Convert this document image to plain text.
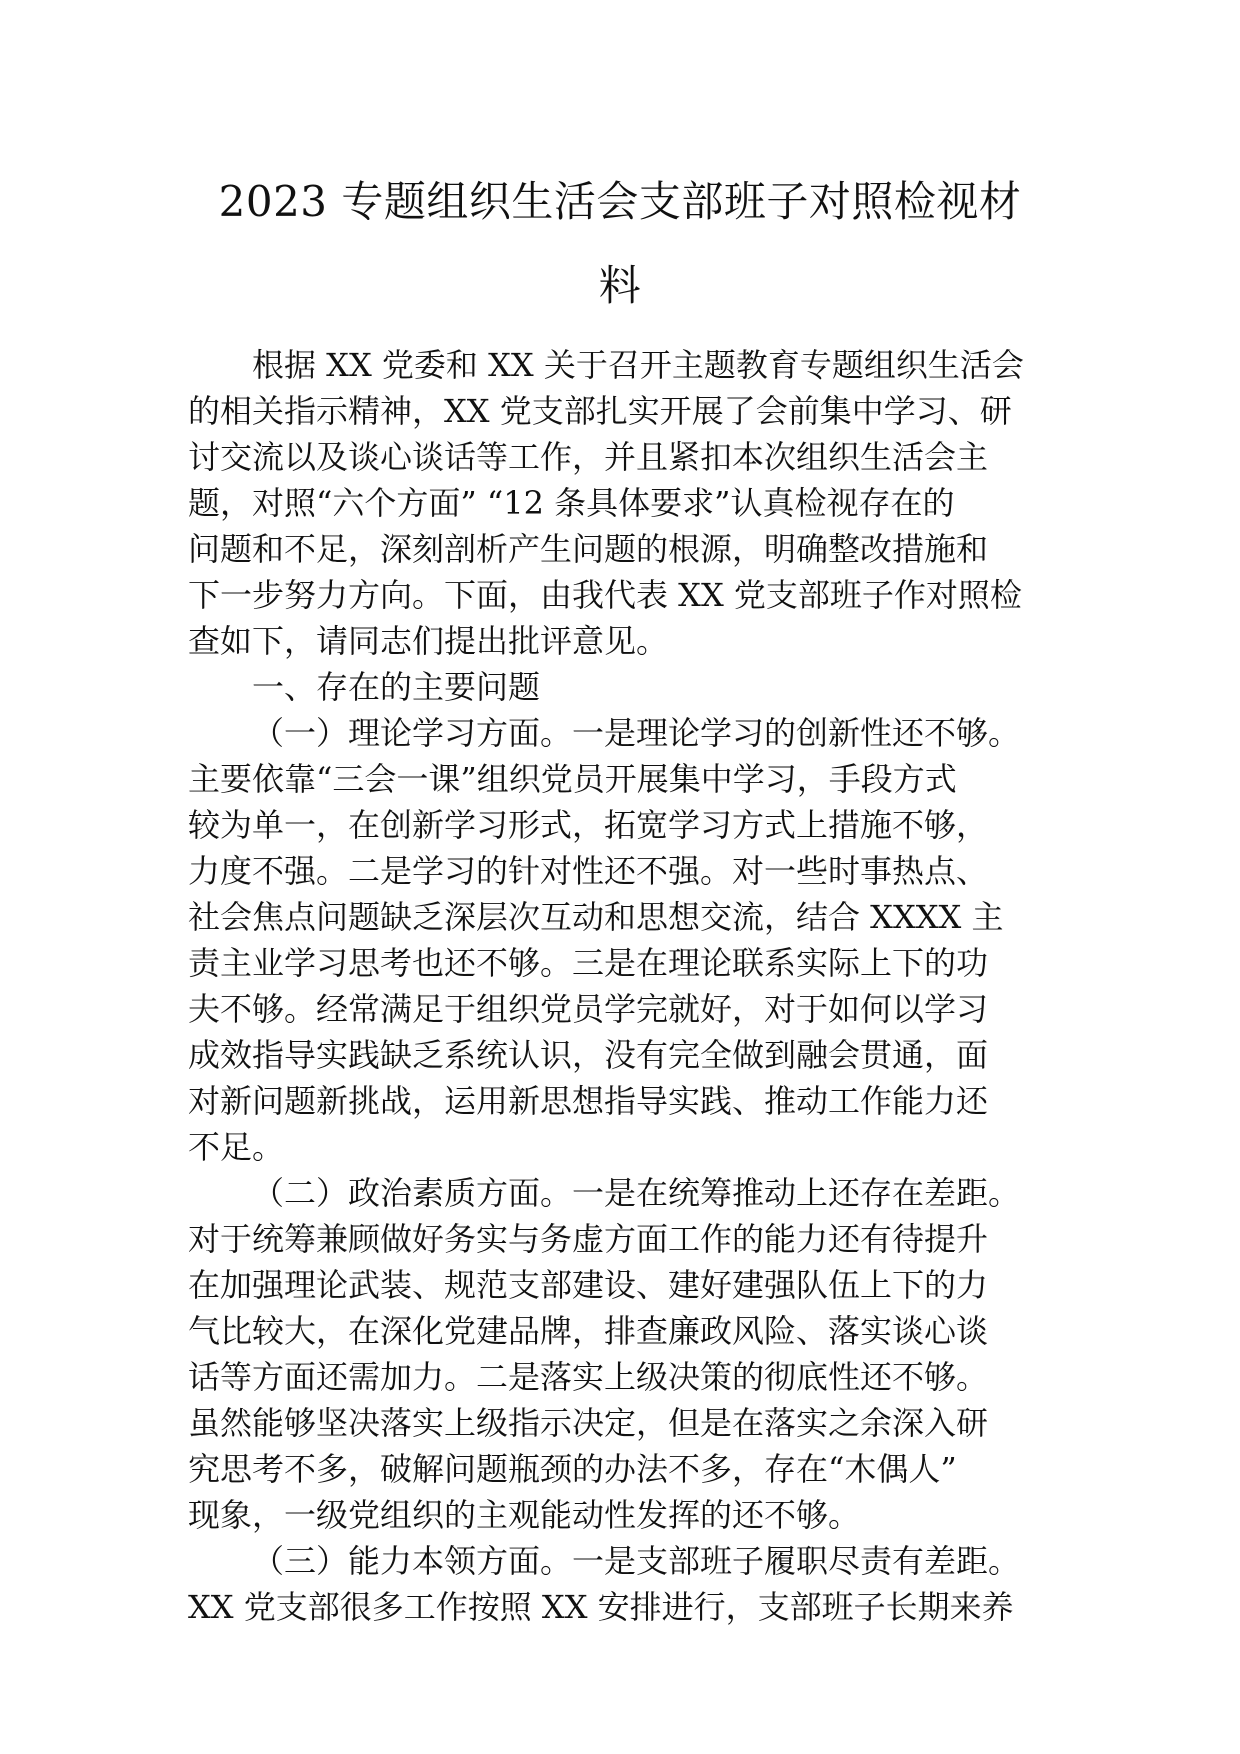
2023 专题组织生活会支部班子对照检视材
料
根据 XX 党委和 XX 关于召开主题教育专题组织生活会
的相关指示精神，XX 党支部扎实开展了会前集中学习、研
讨交流以及谈心谈话等工作，并且紧扣本次组织生活会主
题，对照“六个方面” “12 条具体要求”认真检视存在的
问题和不足，深刻剖析产生问题的根源，明确整改措施和
下一步努力方向。下面，由我代表 XX 党支部班子作对照检
查如下，请同志们提出批评意见。
一、存在的主要问题
（一）理论学习方面。一是理论学习的创新性还不够。
主要依靠“三会一课”组织党员开展集中学习，手段方式
较为单一，在创新学习形式，拓宽学习方式上措施不够，
力度不强。二是学习的针对性还不强。对一些时事热点、
社会焦点问题缺乏深层次互动和思想交流，结合 XXXX 主
责主业学习思考也还不够。三是在理论联系实际上下的功
夫不够。经常满足于组织党员学完就好，对于如何以学习
成效指导实践缺乏系统认识，没有完全做到融会贯通，面
对新问题新挑战，运用新思想指导实践、推动工作能力还
不足。
（二）政治素质方面。一是在统筹推动上还存在差距。
对于统筹兼顾做好务实与务虚方面工作的能力还有待提升
在加强理论武装、规范支部建设、建好建强队伍上下的力
气比较大，在深化党建品牌，排查廉政风险、落实谈心谈
话等方面还需加力。二是落实上级决策的彻底性还不够。
虽然能够坚决落实上级指示决定，但是在落实之余深入研
究思考不多，破解问题瓶颈的办法不多，存在“木偶人”
现象，一级党组织的主观能动性发挥的还不够。
（三）能力本领方面。一是支部班子履职尽责有差距。
XX 党支部很多工作按照 XX 安排进行，支部班子长期来养
